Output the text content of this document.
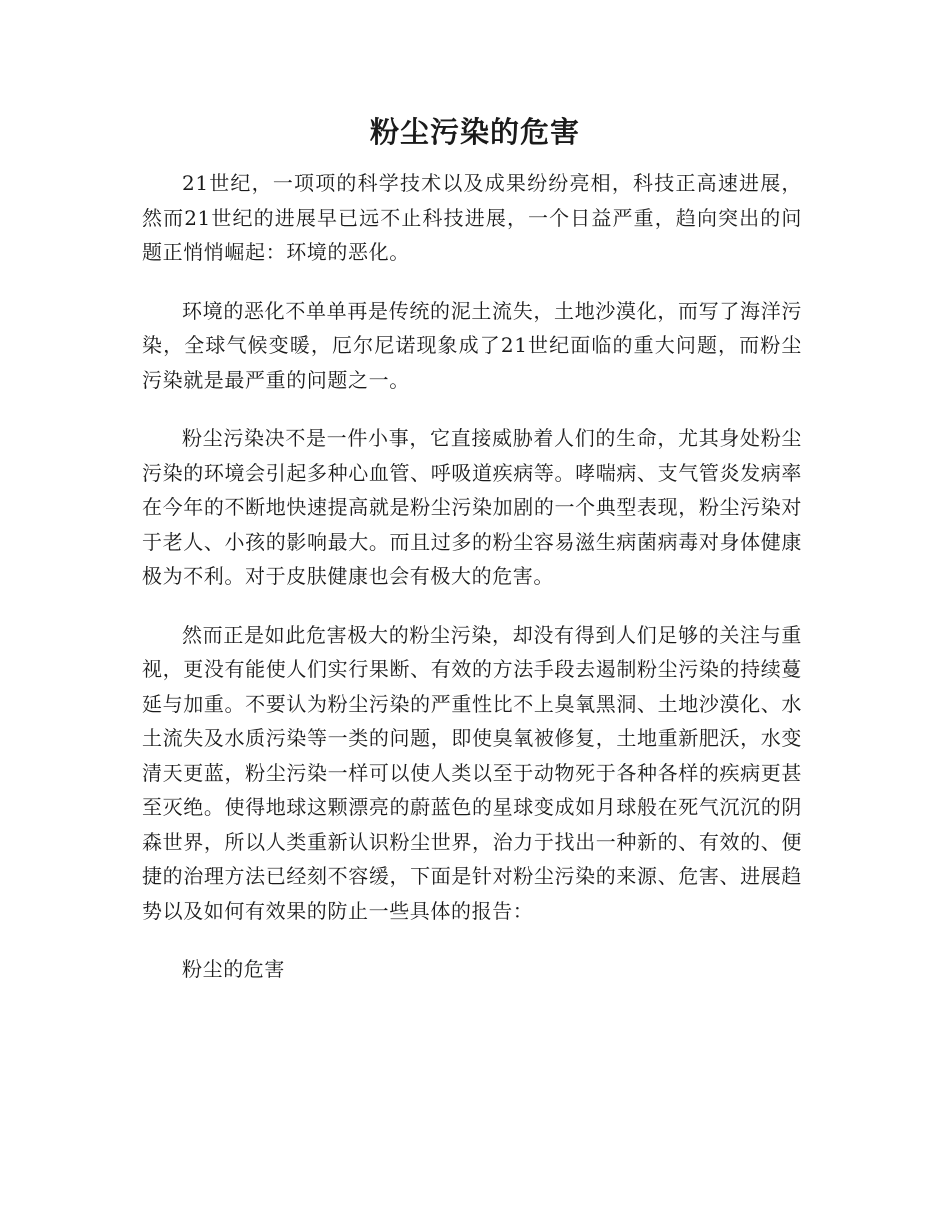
粉尘污染的危害

21世纪，一项项的科学技术以及成果纷纷亮相，科技正高速进展，然而21世纪的进展早已远不止科技进展，一个日益严重，趋向突出的问题正悄悄崛起：环境的恶化。

环境的恶化不单单再是传统的泥土流失，土地沙漠化，而写了海洋污染，全球气候变暖，厄尔尼诺现象成了21世纪面临的重大问题，而粉尘污染就是最严重的问题之一。

粉尘污染决不是一件小事，它直接威胁着人们的生命，尤其身处粉尘污染的环境会引起多种心血管、呼吸道疾病等。哮喘病、支气管炎发病率在今年的不断地快速提高就是粉尘污染加剧的一个典型表现，粉尘污染对于老人、小孩的影响最大。而且过多的粉尘容易滋生病菌病毒对身体健康极为不利。对于皮肤健康也会有极大的危害。

然而正是如此危害极大的粉尘污染，却没有得到人们足够的关注与重视，更没有能使人们实行果断、有效的方法手段去遏制粉尘污染的持续蔓延与加重。不要认为粉尘污染的严重性比不上臭氧黑洞、土地沙漠化、水土流失及水质污染等一类的问题，即使臭氧被修复，土地重新肥沃，水变清天更蓝，粉尘污染一样可以使人类以至于动物死于各种各样的疾病更甚至灭绝。使得地球这颗漂亮的蔚蓝色的星球变成如月球般在死气沉沉的阴森世界，所以人类重新认识粉尘世界，治力于找出一种新的、有效的、便捷的治理方法已经刻不容缓，下面是针对粉尘污染的来源、危害、进展趋势以及如何有效果的防止一些具体的报告：

粉尘的危害
